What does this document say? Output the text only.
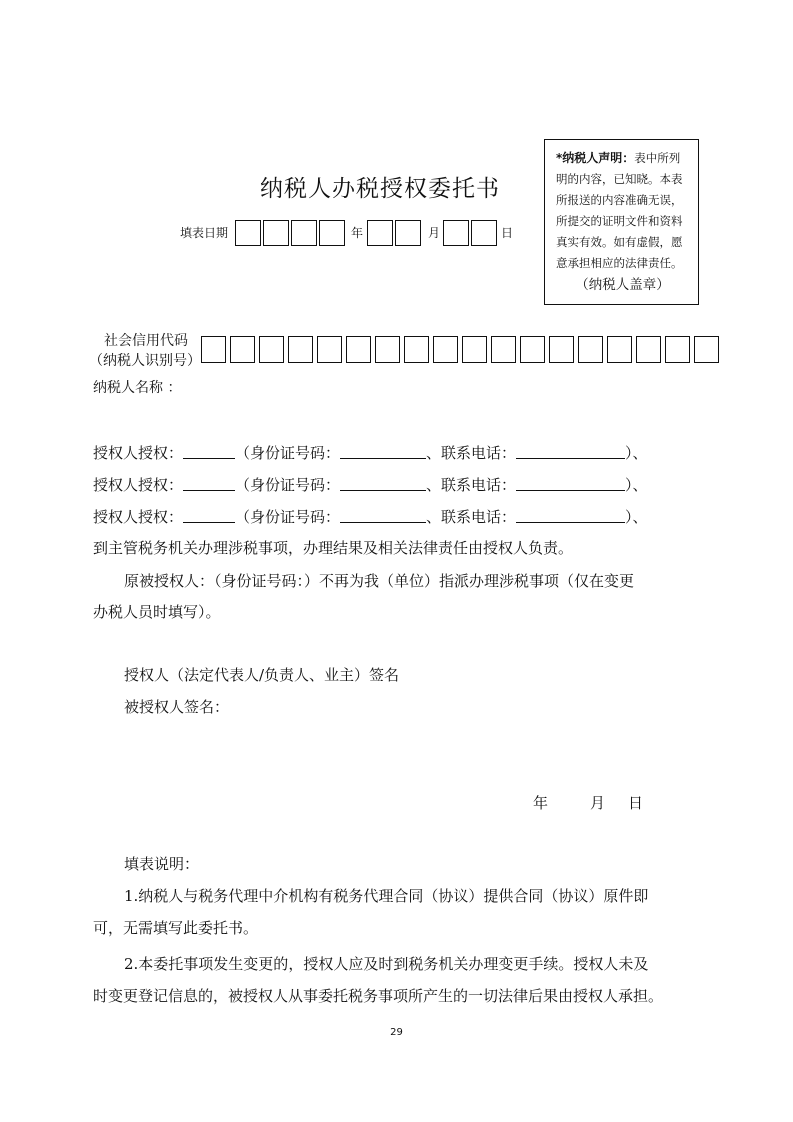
纳税人办税授权委托书
填表日期	年	月	日
*纳税人声明：表中所列
明的内容，已知晓。本表
所报送的内容准确无误，
所提交的证明文件和资料
真实有效。如有虚假，愿
意承担相应的法律责任。
（纳税人盖章）
社会信用代码
（纳税人识别号）
纳税人名称 ：
授权人授权：	（身份证号码：	、联系电话：	）、
授权人授权：	（身份证号码：	、联系电话：	）、
授权人授权：	（身份证号码：	、联系电话：	）、
到主管税务机关办理涉税事项，办理结果及相关法律责任由授权人负责。
原被授权人：（身份证号码：）不再为我（单位）指派办理涉税事项（仅在变更
办税人员时填写）。
授权人（法定代表人/负责人、业主）签名
被授权人签名：
年	月 日
填表说明：
1.纳税人与税务代理中介机构有税务代理合同（协议）提供合同（协议）原件即
可，无需填写此委托书。
2.本委托事项发生变更的，授权人应及时到税务机关办理变更手续。授权人未及
时变更登记信息的，被授权人从事委托税务事项所产生的一切法律后果由授权人承担。
29
